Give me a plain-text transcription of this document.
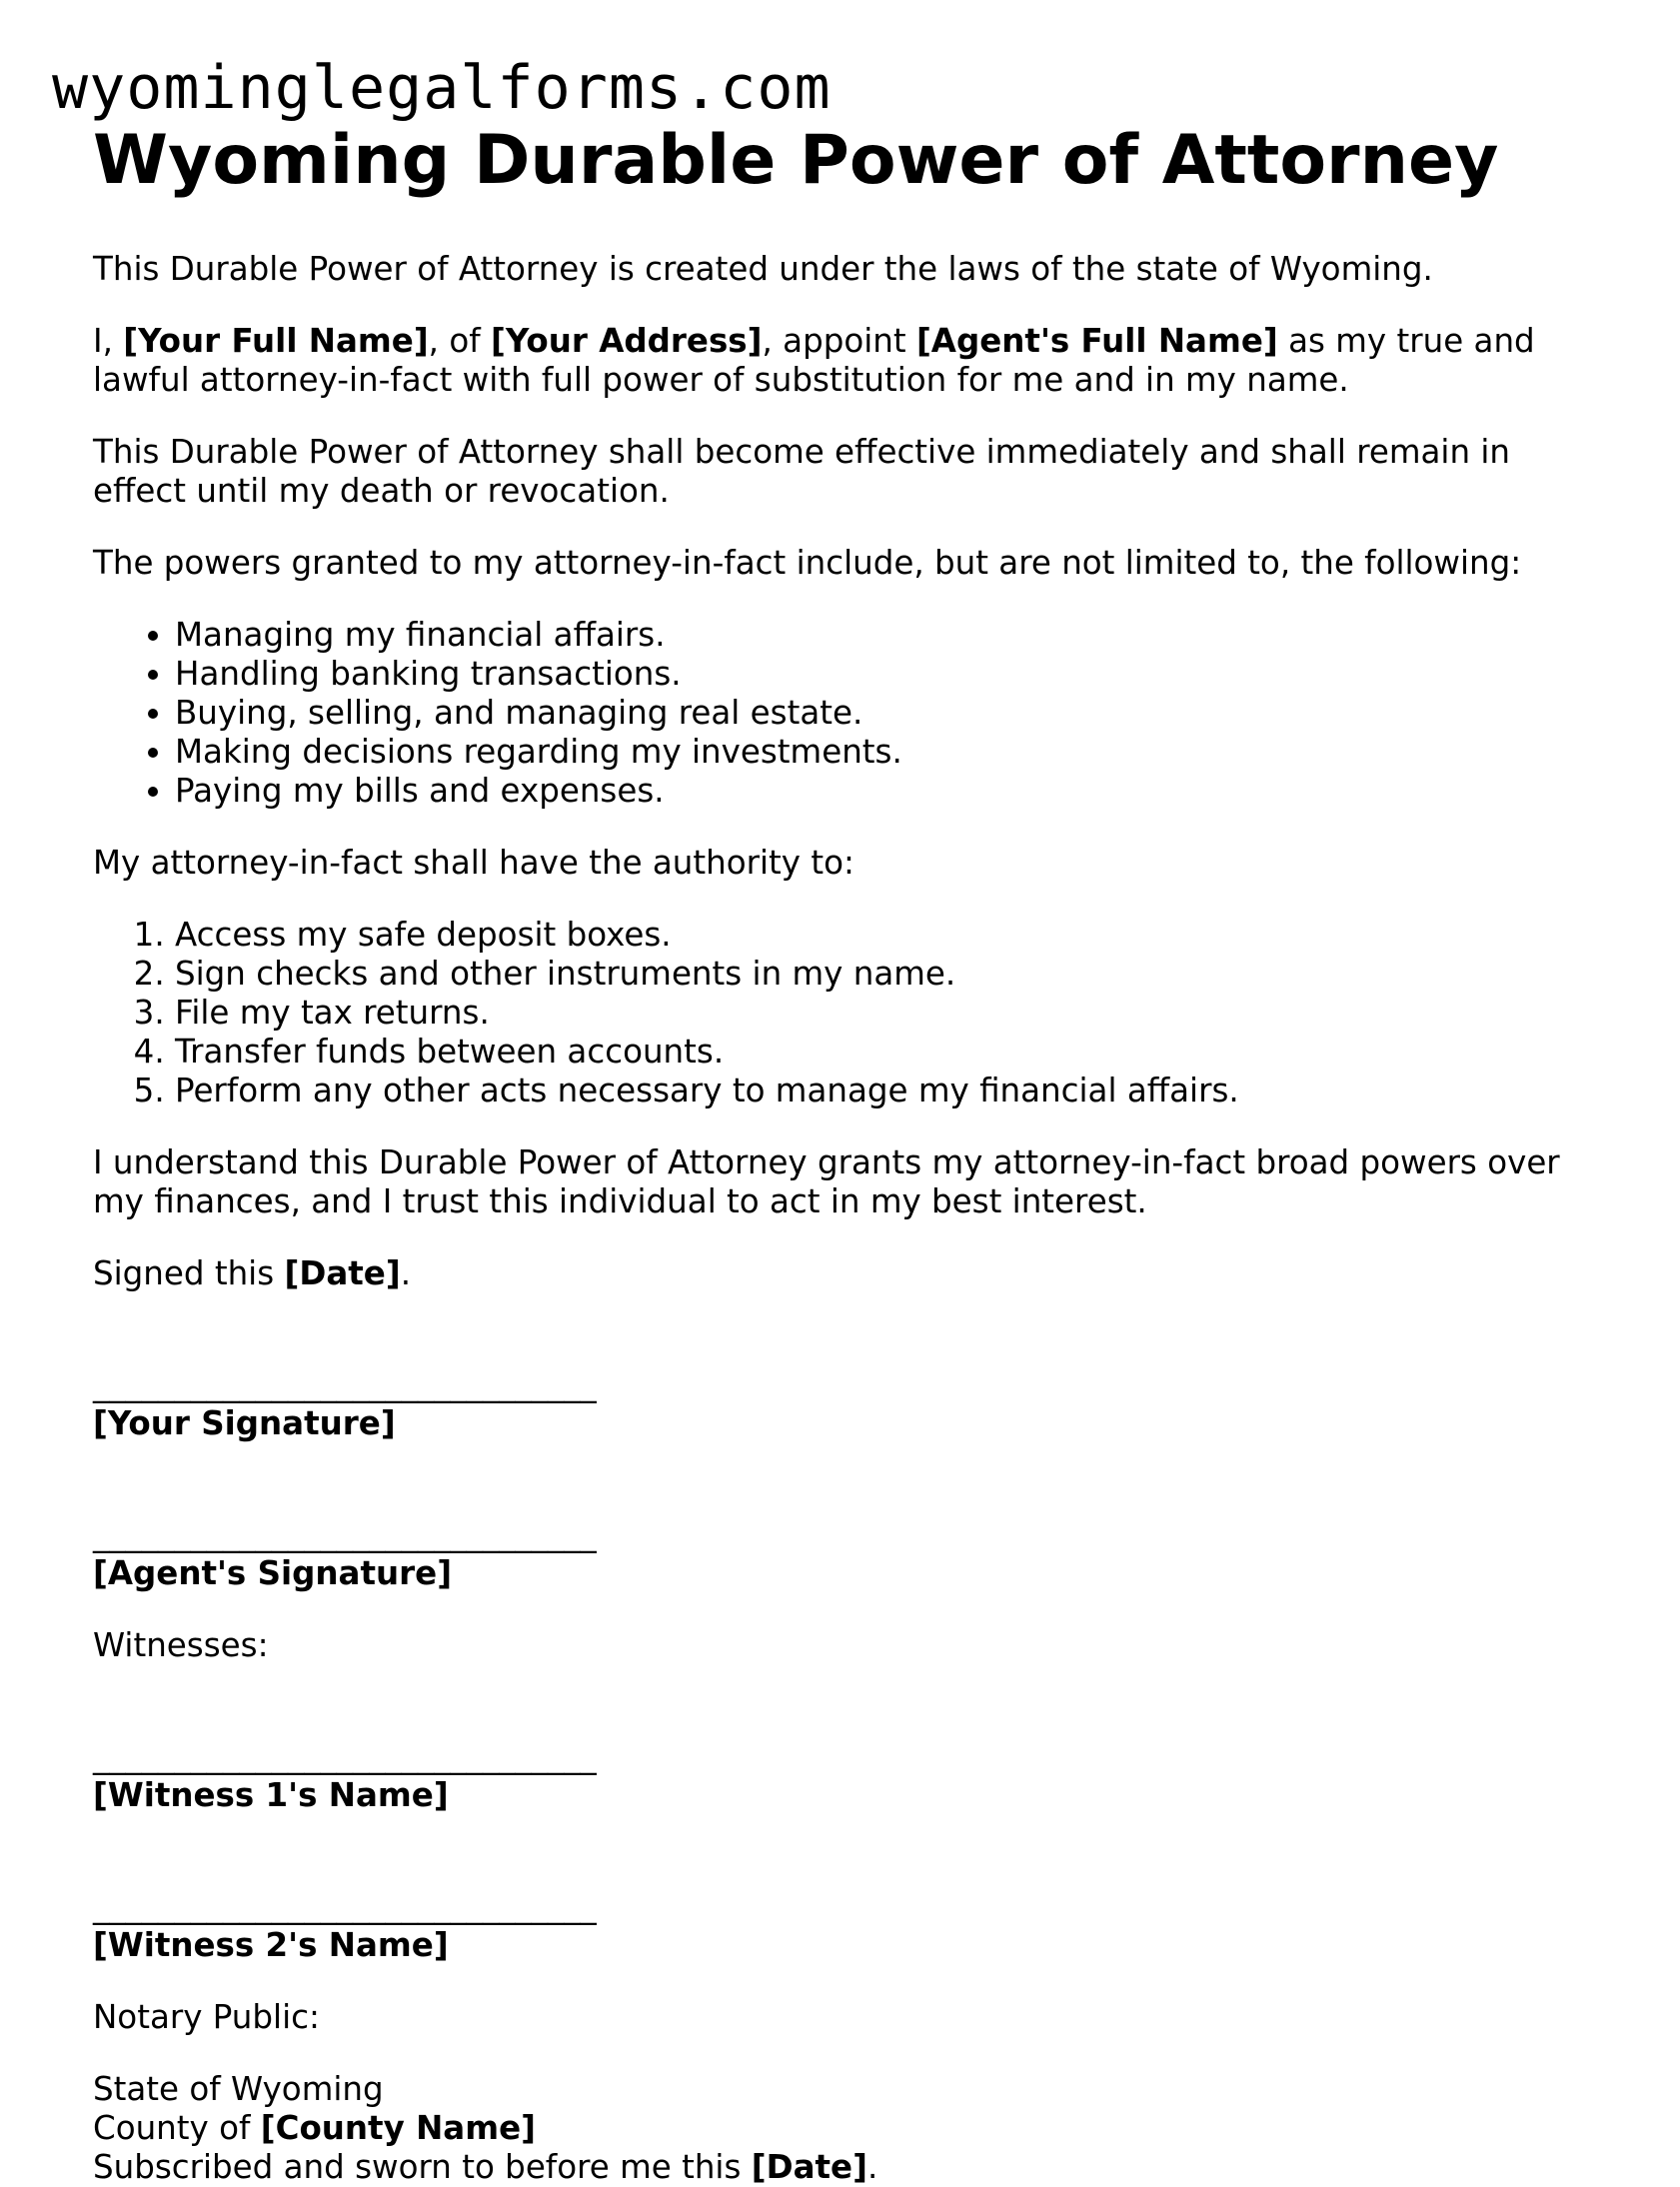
wyominglegalforms.com
Wyoming Durable Power of Attorney

This Durable Power of Attorney is created under the laws of the state of Wyoming.

I, [Your Full Name], of [Your Address], appoint [Agent's Full Name] as my true and lawful attorney-in-fact with full power of substitution for me and in my name.

This Durable Power of Attorney shall become effective immediately and shall remain in effect until my death or revocation.

The powers granted to my attorney-in-fact include, but are not limited to, the following:

• Managing my financial affairs.
• Handling banking transactions.
• Buying, selling, and managing real estate.
• Making decisions regarding my investments.
• Paying my bills and expenses.

My attorney-in-fact shall have the authority to:

1. Access my safe deposit boxes.
2. Sign checks and other instruments in my name.
3. File my tax returns.
4. Transfer funds between accounts.
5. Perform any other acts necessary to manage my financial affairs.

I understand this Durable Power of Attorney grants my attorney-in-fact broad powers over my finances, and I trust this individual to act in my best interest.

Signed this [Date].

_______________________________
[Your Signature]
_______________________________
[Agent's Signature]

Witnesses:

_______________________________
[Witness 1's Name]
_______________________________
[Witness 2's Name]

Notary Public:

State of Wyoming

County of [County Name]

Subscribed and sworn to before me this [Date].
